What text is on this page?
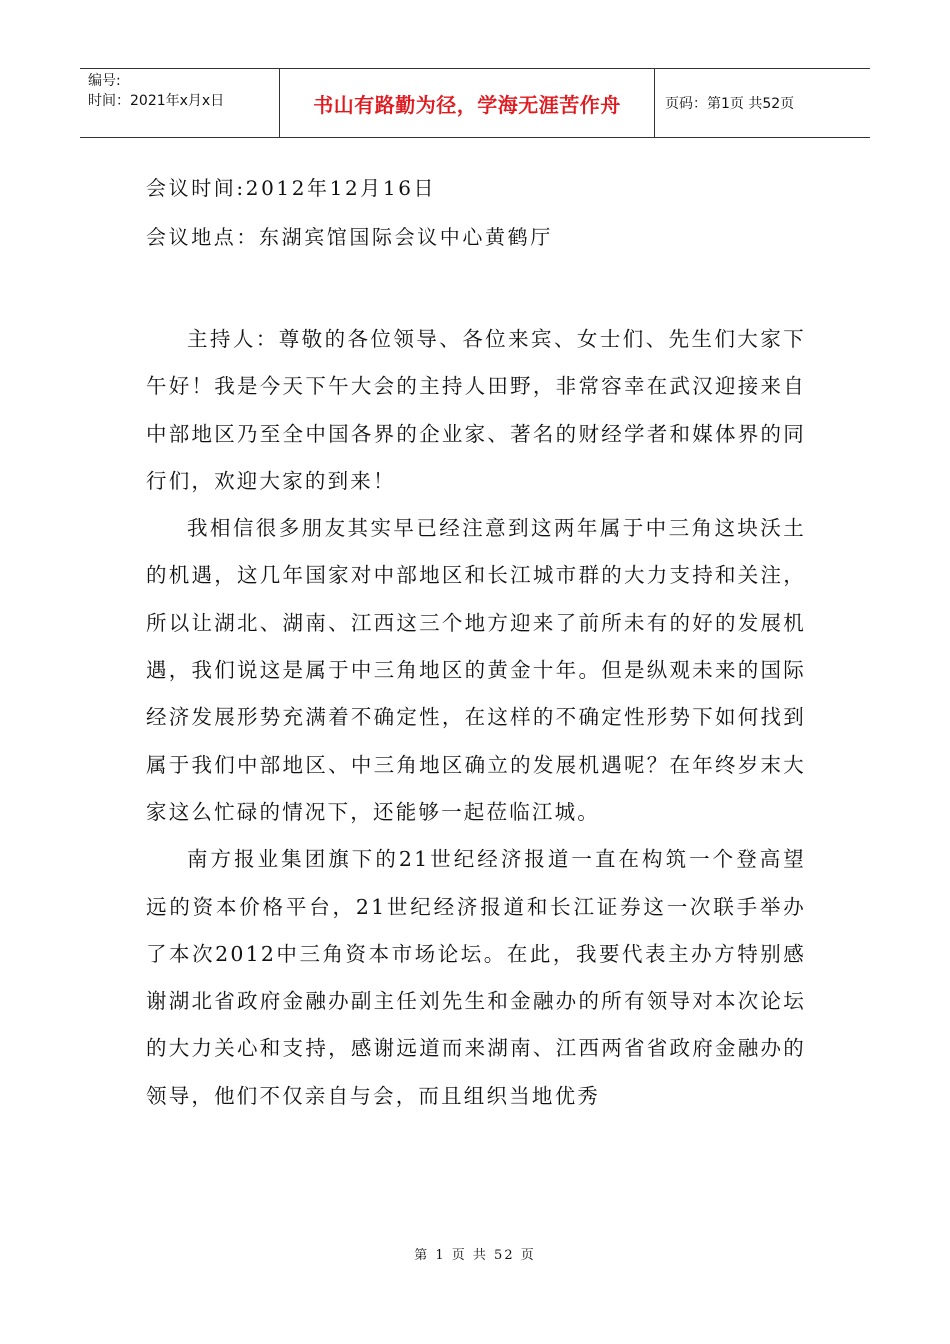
编号:
时间：2021年x月x日	书山有路勤为径，学海无涯苦作舟	页码：第1页 共52页
会议时间:2012年12月16日
会议地点：东湖宾馆国际会议中心黄鹤厅

主持人：尊敬的各位领导、各位来宾、女士们、先生们大家下午好！我是今天下午大会的主持人田野，非常容幸在武汉迎接来自中部地区乃至全中国各界的企业家、著名的财经学者和媒体界的同行们，欢迎大家的到来！

我相信很多朋友其实早已经注意到这两年属于中三角这块沃土的机遇，这几年国家对中部地区和长江城市群的大力支持和关注，所以让湖北、湖南、江西这三个地方迎来了前所未有的好的发展机遇，我们说这是属于中三角地区的黄金十年。但是纵观未来的国际经济发展形势充满着不确定性，在这样的不确定性形势下如何找到属于我们中部地区、中三角地区确立的发展机遇呢？在年终岁末大家这么忙碌的情况下，还能够一起莅临江城。

南方报业集团旗下的21世纪经济报道一直在构筑一个登高望远的资本价格平台，21世纪经济报道和长江证券这一次联手举办了本次2012中三角资本市场论坛。在此，我要代表主办方特别感谢湖北省政府金融办副主任刘先生和金融办的所有领导对本次论坛的大力关心和支持，感谢远道而来湖南、江西两省省政府金融办的领导，他们不仅亲自与会，而且组织当地优秀

第 1 页 共 52 页
